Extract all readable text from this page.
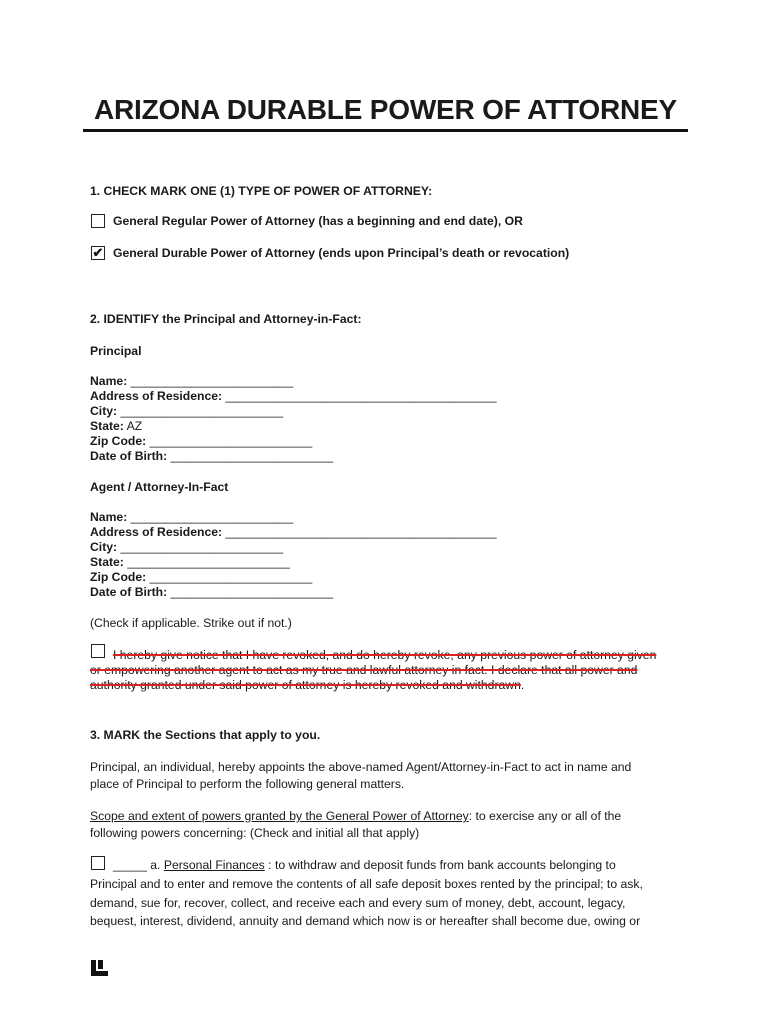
ARIZONA DURABLE POWER OF ATTORNEY
1. CHECK MARK ONE (1) TYPE OF POWER OF ATTORNEY:
General Regular Power of Attorney (has a beginning and end date), OR
✔ General Durable Power of Attorney (ends upon Principal’s death or revocation)
2. IDENTIFY the Principal and Attorney-in-Fact:
Principal
Name: ________________________
Address of Residence: ________________________________________
City: ________________________
State: AZ
Zip Code: ________________________
Date of Birth: ________________________
Agent / Attorney-In-Fact
Name: ________________________
Address of Residence: ________________________________________
City: ________________________
State: ________________________
Zip Code: ________________________
Date of Birth: ________________________
(Check if applicable. Strike out if not.)
I hereby give notice that I have revoked, and do hereby revoke, any previous power of attorney given
or empowering another agent to act as my true and lawful attorney in fact. I declare that all power and
authority granted under said power of attorney is hereby revoked and withdrawn.
3. MARK the Sections that apply to you.
Principal, an individual, hereby appoints the above-named Agent/Attorney-in-Fact to act in name and
place of Principal to perform the following general matters.
Scope and extent of powers granted by the General Power of Attorney: to exercise any or all of the
following powers concerning: (Check and initial all that apply)
_____ a. Personal Finances : to withdraw and deposit funds from bank accounts belonging to
Principal and to enter and remove the contents of all safe deposit boxes rented by the principal; to ask,
demand, sue for, recover, collect, and receive each and every sum of money, debt, account, legacy,
bequest, interest, dividend, annuity and demand which now is or hereafter shall become due, owing or
